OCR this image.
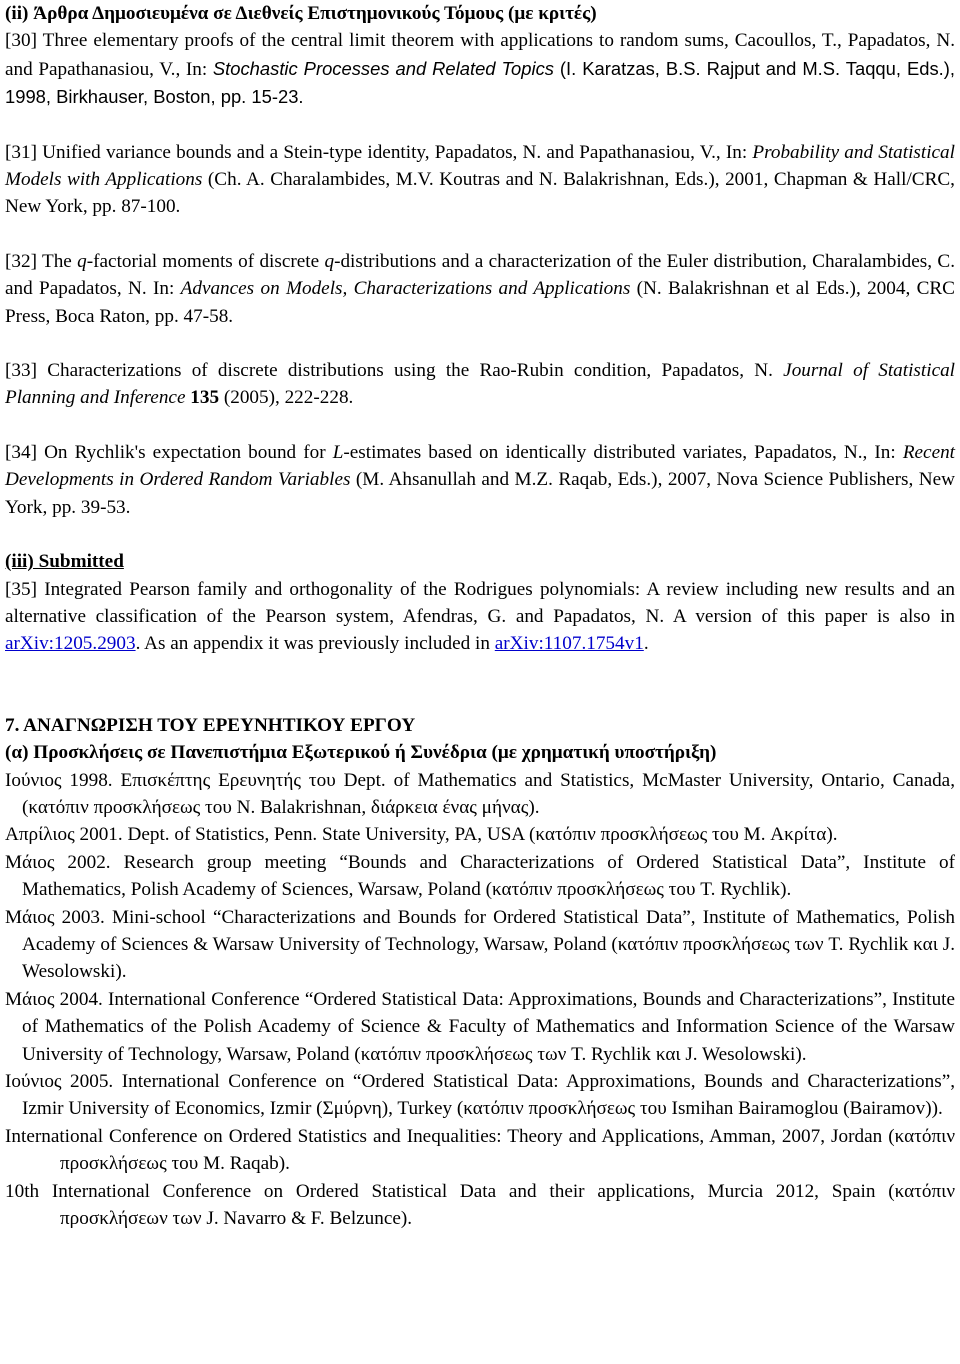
(ii) Άρθρα Δημοσιευμένα σε Διεθνείς Επιστημονικούς Τόμους (με κριτές)

[30] Three elementary proofs of the central limit theorem with applications to random sums, Cacoullos, T., Papadatos, N. and Papathanasiou, V., In: Stochastic Processes and Related Topics (I. Karatzas, B.S. Rajput and M.S. Taqqu, Eds.), 1998, Birkhauser, Boston, pp. 15-23.

[31] Unified variance bounds and a Stein-type identity, Papadatos, N. and Papathanasiou, V., In: Probability and Statistical Models with Applications (Ch. A. Charalambides, M.V. Koutras and N. Balakrishnan, Eds.), 2001, Chapman & Hall/CRC, New York, pp. 87-100.

[32] The q-factorial moments of discrete q-distributions and a characterization of the Euler distribution, Charalambides, C. and Papadatos, N. In: Advances on Models, Characterizations and Applications (N. Balakrishnan et al Eds.), 2004, CRC Press, Boca Raton, pp. 47-58.

[33] Characterizations of discrete distributions using the Rao-Rubin condition, Papadatos, N. Journal of Statistical Planning and Inference 135 (2005), 222-228.

[34] On Rychlik's expectation bound for L-estimates based on identically distributed variates, Papadatos, N., In: Recent Developments in Ordered Random Variables (M. Ahsanullah and M.Z. Raqab, Eds.), 2007, Nova Science Publishers, New York, pp. 39-53.

(iii) Submitted

[35] Integrated Pearson family and orthogonality of the Rodrigues polynomials: A review including new results and an alternative classification of the Pearson system, Afendras, G. and Papadatos, N. A version of this paper is also in arXiv:1205.2903. As an appendix it was previously included in arXiv:1107.1754v1.

7. ΑΝΑΓΝΩΡΙΣΗ ΤΟΥ ΕΡΕΥΝΗΤΙΚΟΥ ΕΡΓΟΥ

(α) Προσκλήσεις σε Πανεπιστήμια Εξωτερικού ή Συνέδρια (με χρηματική υποστήριξη)

Ιούνιος 1998. Επισκέπτης Ερευνητής του Dept. of Mathematics and Statistics, McMaster University, Ontario, Canada, (κατόπιν προσκλήσεως του N. Balakrishnan, διάρκεια ένας μήνας).

Απρίλιος 2001. Dept. of Statistics, Penn. State University, PA, USA (κατόπιν προσκλήσεως του M. Ακρίτα).

Μάιος 2002. Research group meeting “Bounds and Characterizations of Ordered Statistical Data”, Institute of Mathematics, Polish Academy of Sciences, Warsaw, Poland (κατόπιν προσκλήσεως του T. Rychlik).

Μάιος 2003. Mini-school “Characterizations and Bounds for Ordered Statistical Data”, Institute of Mathematics, Polish Academy of Sciences & Warsaw University of Technology, Warsaw, Poland (κατόπιν προσκλήσεως των T. Rychlik και J. Wesolowski).

Μάιος 2004. International Conference “Ordered Statistical Data: Approximations, Bounds and Characterizations”, Institute of Mathematics of the Polish Academy of Science & Faculty of Mathematics and Information Science of the Warsaw University of Technology, Warsaw, Poland (κατόπιν προσκλήσεως των T. Rychlik και J. Wesolowski).

Ιούνιος 2005. International Conference on “Ordered Statistical Data: Approximations, Bounds and Characterizations”, Izmir University of Economics, Izmir (Σμύρνη), Turkey (κατόπιν προσκλήσεως του Ismihan Bairamoglou (Bairamov)).

International Conference on Ordered Statistics and Inequalities: Theory and Applications, Amman, 2007, Jordan (κατόπιν προσκλήσεως του M. Raqab).

10th International Conference on Ordered Statistical Data and their applications, Murcia 2012, Spain (κατόπιν προσκλήσεων των J. Navarro & F. Belzunce).
